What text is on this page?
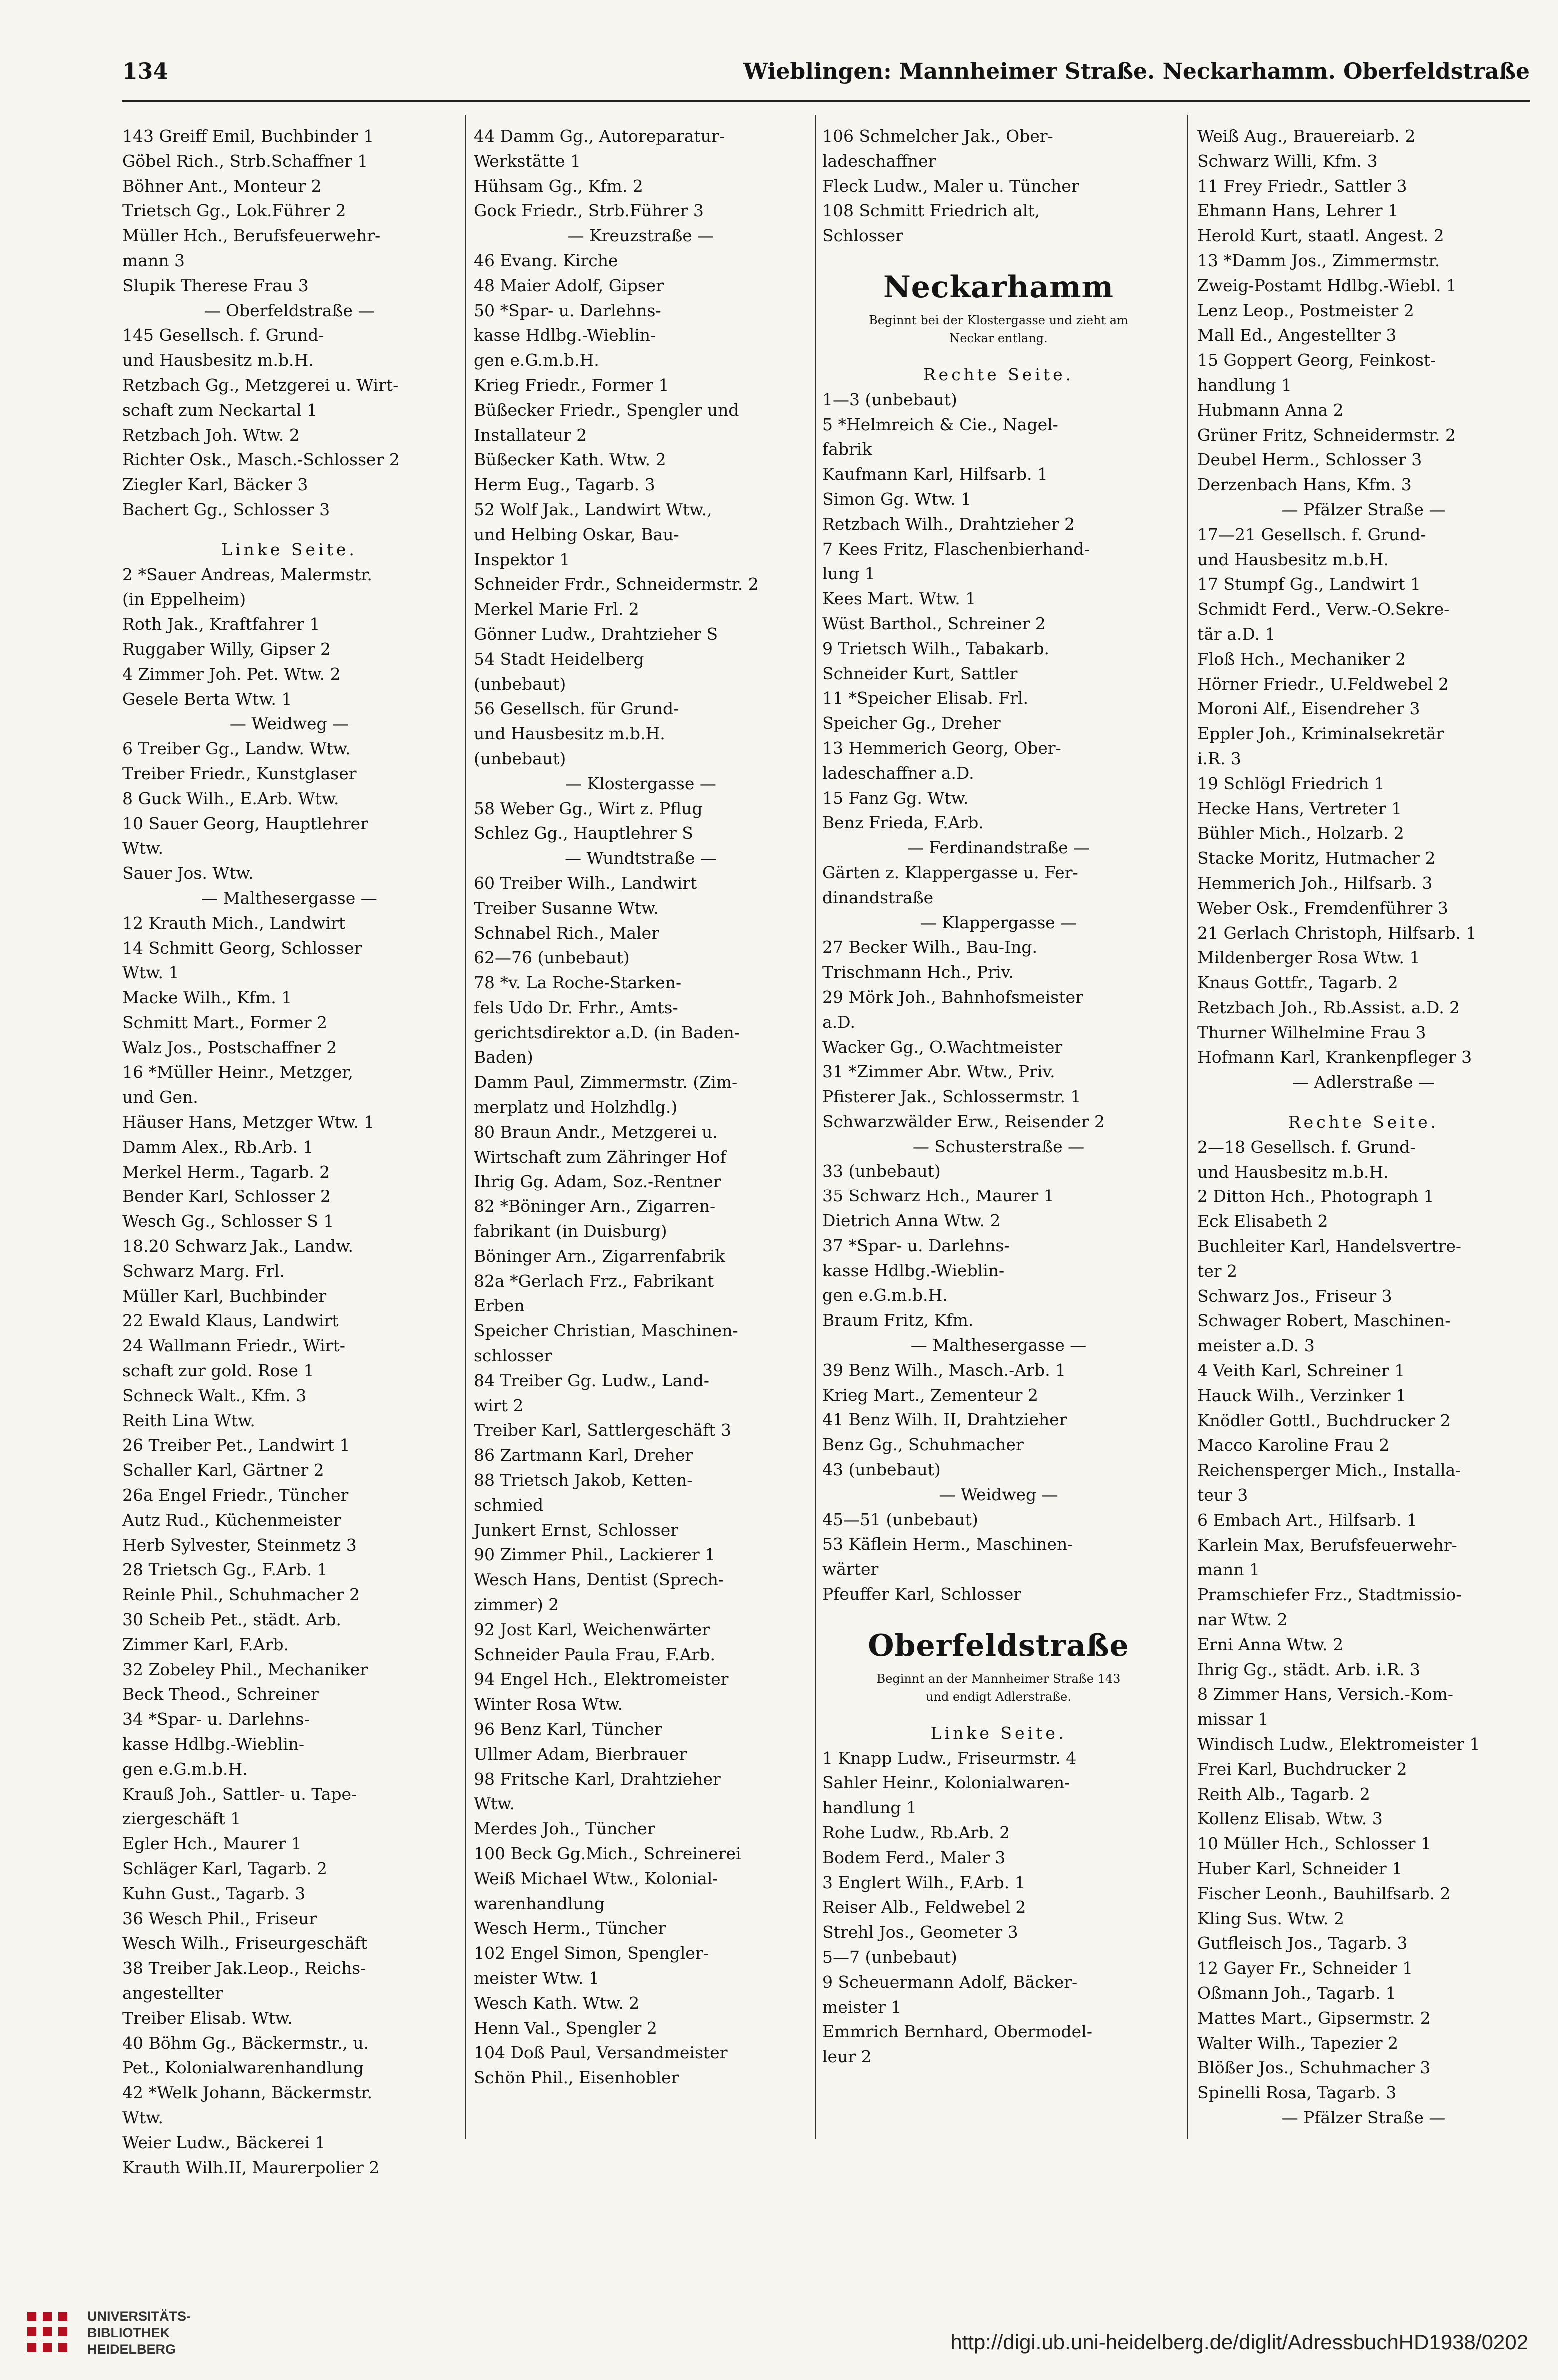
134	Wieblingen: Mannheimer Straße. Neckarhamm. Oberfeldstraße
143 Greiff Emil, Buchbinder 1
Göbel Rich., Strb.Schaffner 1
Böhner Ant., Monteur 2
Trietsch Gg., Lok.Führer 2
Müller Hch., Berufsfeuerwehr-
mann 3
Slupik Therese Frau 3
— Oberfeldstraße —
145 Gesellsch. f. Grund-
und Hausbesitz m.b.H.
Retzbach Gg., Metzgerei u. Wirt-
schaft zum Neckartal 1
Retzbach Joh. Wtw. 2
Richter Osk., Masch.-Schlosser 2
Ziegler Karl, Bäcker 3
Bachert Gg., Schlosser 3
Linke Seite.
2 *Sauer Andreas, Malermstr.
(in Eppelheim)
Roth Jak., Kraftfahrer 1
Ruggaber Willy, Gipser 2
4 Zimmer Joh. Pet. Wtw. 2
Gesele Berta Wtw. 1
— Weidweg —
6 Treiber Gg., Landw. Wtw.
Treiber Friedr., Kunstglaser
8 Guck Wilh., E.Arb. Wtw.
10 Sauer Georg, Hauptlehrer
Wtw.
Sauer Jos. Wtw.
— Malthesergasse —
12 Krauth Mich., Landwirt
14 Schmitt Georg, Schlosser
Wtw. 1
Macke Wilh., Kfm. 1
Schmitt Mart., Former 2
Walz Jos., Postschaffner 2
16 *Müller Heinr., Metzger,
und Gen.
Häuser Hans, Metzger Wtw. 1
Damm Alex., Rb.Arb. 1
Merkel Herm., Tagarb. 2
Bender Karl, Schlosser 2
Wesch Gg., Schlosser S 1
18.20 Schwarz Jak., Landw.
Schwarz Marg. Frl.
Müller Karl, Buchbinder
22 Ewald Klaus, Landwirt
24 Wallmann Friedr., Wirt-
schaft zur gold. Rose 1
Schneck Walt., Kfm. 3
Reith Lina Wtw.
26 Treiber Pet., Landwirt 1
Schaller Karl, Gärtner 2
26a Engel Friedr., Tüncher
Autz Rud., Küchenmeister
Herb Sylvester, Steinmetz 3
28 Trietsch Gg., F.Arb. 1
Reinle Phil., Schuhmacher 2
30 Scheib Pet., städt. Arb.
Zimmer Karl, F.Arb.
32 Zobeley Phil., Mechaniker
Beck Theod., Schreiner
34 *Spar- u. Darlehns-
kasse Hdlbg.-Wieblin-
gen e.G.m.b.H.
Krauß Joh., Sattler- u. Tape-
ziergeschäft 1
Egler Hch., Maurer 1
Schläger Karl, Tagarb. 2
Kuhn Gust., Tagarb. 3
36 Wesch Phil., Friseur
Wesch Wilh., Friseurgeschäft
38 Treiber Jak.Leop., Reichs-
angestellter
Treiber Elisab. Wtw.
40 Böhm Gg., Bäckermstr., u.
Pet., Kolonialwarenhandlung
42 *Welk Johann, Bäckermstr.
Wtw.
Weier Ludw., Bäckerei 1
Krauth Wilh.II, Maurerpolier 2
44 Damm Gg., Autoreparatur-
Werkstätte 1
Hühsam Gg., Kfm. 2
Gock Friedr., Strb.Führer 3
— Kreuzstraße —
46 Evang. Kirche
48 Maier Adolf, Gipser
50 *Spar- u. Darlehns-
kasse Hdlbg.-Wieblin-
gen e.G.m.b.H.
Krieg Friedr., Former 1
Büßecker Friedr., Spengler und
Installateur 2
Büßecker Kath. Wtw. 2
Herm Eug., Tagarb. 3
52 Wolf Jak., Landwirt Wtw.,
und Helbing Oskar, Bau-
Inspektor 1
Schneider Frdr., Schneidermstr. 2
Merkel Marie Frl. 2
Gönner Ludw., Drahtzieher S
54 Stadt Heidelberg
(unbebaut)
56 Gesellsch. für Grund-
und Hausbesitz m.b.H.
(unbebaut)
— Klostergasse —
58 Weber Gg., Wirt z. Pflug
Schlez Gg., Hauptlehrer S
— Wundtstraße —
60 Treiber Wilh., Landwirt
Treiber Susanne Wtw.
Schnabel Rich., Maler
62—76 (unbebaut)
78 *v. La Roche-Starken-
fels Udo Dr. Frhr., Amts-
gerichtsdirektor a.D. (in Baden-
Baden)
Damm Paul, Zimmermstr. (Zim-
merplatz und Holzhdlg.)
80 Braun Andr., Metzgerei u.
Wirtschaft zum Zähringer Hof
Ihrig Gg. Adam, Soz.-Rentner
82 *Böninger Arn., Zigarren-
fabrikant (in Duisburg)
Böninger Arn., Zigarrenfabrik
82a *Gerlach Frz., Fabrikant
Erben
Speicher Christian, Maschinen-
schlosser
84 Treiber Gg. Ludw., Land-
wirt 2
Treiber Karl, Sattlergeschäft 3
86 Zartmann Karl, Dreher
88 Trietsch Jakob, Ketten-
schmied
Junkert Ernst, Schlosser
90 Zimmer Phil., Lackierer 1
Wesch Hans, Dentist (Sprech-
zimmer) 2
92 Jost Karl, Weichenwärter
Schneider Paula Frau, F.Arb.
94 Engel Hch., Elektromeister
Winter Rosa Wtw.
96 Benz Karl, Tüncher
Ullmer Adam, Bierbrauer
98 Fritsche Karl, Drahtzieher
Wtw.
Merdes Joh., Tüncher
100 Beck Gg.Mich., Schreinerei
Weiß Michael Wtw., Kolonial-
warenhandlung
Wesch Herm., Tüncher
102 Engel Simon, Spengler-
meister Wtw. 1
Wesch Kath. Wtw. 2
Henn Val., Spengler 2
104 Doß Paul, Versandmeister
Schön Phil., Eisenhobler
106 Schmelcher Jak., Ober-
ladeschaffner
Fleck Ludw., Maler u. Tüncher
108 Schmitt Friedrich alt,
Schlosser
Neckarhamm
Beginnt bei der Klostergasse und zieht am
Neckar entlang.
Rechte Seite.
1—3 (unbebaut)
5 *Helmreich & Cie., Nagel-
fabrik
Kaufmann Karl, Hilfsarb. 1
Simon Gg. Wtw. 1
Retzbach Wilh., Drahtzieher 2
7 Kees Fritz, Flaschenbierhand-
lung 1
Kees Mart. Wtw. 1
Wüst Barthol., Schreiner 2
9 Trietsch Wilh., Tabakarb.
Schneider Kurt, Sattler
11 *Speicher Elisab. Frl.
Speicher Gg., Dreher
13 Hemmerich Georg, Ober-
ladeschaffner a.D.
15 Fanz Gg. Wtw.
Benz Frieda, F.Arb.
— Ferdinandstraße —
Gärten z. Klappergasse u. Fer-
dinandstraße
— Klappergasse —
27 Becker Wilh., Bau-Ing.
Trischmann Hch., Priv.
29 Mörk Joh., Bahnhofsmeister
a.D.
Wacker Gg., O.Wachtmeister
31 *Zimmer Abr. Wtw., Priv.
Pfisterer Jak., Schlossermstr. 1
Schwarzwälder Erw., Reisender 2
— Schusterstraße —
33 (unbebaut)
35 Schwarz Hch., Maurer 1
Dietrich Anna Wtw. 2
37 *Spar- u. Darlehns-
kasse Hdlbg.-Wieblin-
gen e.G.m.b.H.
Braum Fritz, Kfm.
— Malthesergasse —
39 Benz Wilh., Masch.-Arb. 1
Krieg Mart., Zementeur 2
41 Benz Wilh. II, Drahtzieher
Benz Gg., Schuhmacher
43 (unbebaut)
— Weidweg —
45—51 (unbebaut)
53 Käflein Herm., Maschinen-
wärter
Pfeuffer Karl, Schlosser
Oberfeldstraße
Beginnt an der Mannheimer Straße 143
und endigt Adlerstraße.
Linke Seite.
1 Knapp Ludw., Friseurmstr. 4
Sahler Heinr., Kolonialwaren-
handlung 1
Rohe Ludw., Rb.Arb. 2
Bodem Ferd., Maler 3
3 Englert Wilh., F.Arb. 1
Reiser Alb., Feldwebel 2
Strehl Jos., Geometer 3
5—7 (unbebaut)
9 Scheuermann Adolf, Bäcker-
meister 1
Emmrich Bernhard, Obermodel-
leur 2
Weiß Aug., Brauereiarb. 2
Schwarz Willi, Kfm. 3
11 Frey Friedr., Sattler 3
Ehmann Hans, Lehrer 1
Herold Kurt, staatl. Angest. 2
13 *Damm Jos., Zimmermstr.
Zweig-Postamt Hdlbg.-Wiebl. 1
Lenz Leop., Postmeister 2
Mall Ed., Angestellter 3
15 Goppert Georg, Feinkost-
handlung 1
Hubmann Anna 2
Grüner Fritz, Schneidermstr. 2
Deubel Herm., Schlosser 3
Derzenbach Hans, Kfm. 3
— Pfälzer Straße —
17—21 Gesellsch. f. Grund-
und Hausbesitz m.b.H.
17 Stumpf Gg., Landwirt 1
Schmidt Ferd., Verw.-O.Sekre-
tär a.D. 1
Floß Hch., Mechaniker 2
Hörner Friedr., U.Feldwebel 2
Moroni Alf., Eisendreher 3
Eppler Joh., Kriminalsekretär
i.R. 3
19 Schlögl Friedrich 1
Hecke Hans, Vertreter 1
Bühler Mich., Holzarb. 2
Stacke Moritz, Hutmacher 2
Hemmerich Joh., Hilfsarb. 3
Weber Osk., Fremdenführer 3
21 Gerlach Christoph, Hilfsarb. 1
Mildenberger Rosa Wtw. 1
Knaus Gottfr., Tagarb. 2
Retzbach Joh., Rb.Assist. a.D. 2
Thurner Wilhelmine Frau 3
Hofmann Karl, Krankenpfleger 3
— Adlerstraße —
Rechte Seite.
2—18 Gesellsch. f. Grund-
und Hausbesitz m.b.H.
2 Ditton Hch., Photograph 1
Eck Elisabeth 2
Buchleiter Karl, Handelsvertre-
ter 2
Schwarz Jos., Friseur 3
Schwager Robert, Maschinen-
meister a.D. 3
4 Veith Karl, Schreiner 1
Hauck Wilh., Verzinker 1
Knödler Gottl., Buchdrucker 2
Macco Karoline Frau 2
Reichensperger Mich., Installa-
teur 3
6 Embach Art., Hilfsarb. 1
Karlein Max, Berufsfeuerwehr-
mann 1
Pramschiefer Frz., Stadtmissio-
nar Wtw. 2
Erni Anna Wtw. 2
Ihrig Gg., städt. Arb. i.R. 3
8 Zimmer Hans, Versich.-Kom-
missar 1
Windisch Ludw., Elektromeister 1
Frei Karl, Buchdrucker 2
Reith Alb., Tagarb. 2
Kollenz Elisab. Wtw. 3
10 Müller Hch., Schlosser 1
Huber Karl, Schneider 1
Fischer Leonh., Bauhilfsarb. 2
Kling Sus. Wtw. 2
Gutfleisch Jos., Tagarb. 3
12 Gayer Fr., Schneider 1
Oßmann Joh., Tagarb. 1
Mattes Mart., Gipsermstr. 2
Walter Wilh., Tapezier 2
Blößer Jos., Schuhmacher 3
Spinelli Rosa, Tagarb. 3
— Pfälzer Straße —
UNIVERSITÄTS-
BIBLIOTHEK
HEIDELBERG	http://digi.ub.uni-heidelberg.de/diglit/AdressbuchHD1938/0202
